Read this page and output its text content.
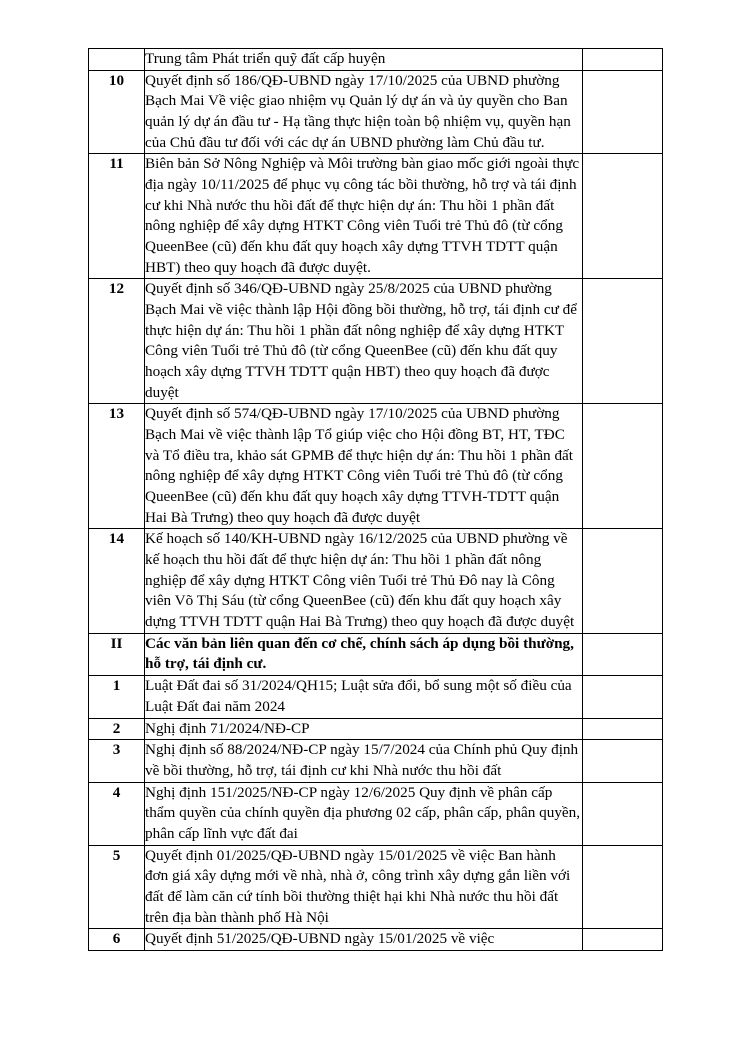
	Trung tâm Phát triển quỹ đất cấp huyện	

10	Quyết định số 186/QĐ-UBND ngày 17/10/2025 của UBND phường Bạch Mai Về việc giao nhiệm vụ Quản lý dự án và ủy quyền cho Ban quản lý dự án đầu tư - Hạ tầng thực hiện toàn bộ nhiệm vụ, quyền hạn của Chủ đầu tư đối với các dự án UBND phường làm Chủ đầu tư.	

11	Biên bản Sở Nông Nghiệp và Môi trường bàn giao mốc giới ngoài thực địa ngày 10/11/2025 để phục vụ công tác bồi thường, hỗ trợ và tái định cư khi Nhà nước thu hồi đất để thực hiện dự án: Thu hồi 1 phần đất nông nghiệp để xây dựng HTKT Công viên Tuổi trẻ Thủ đô (từ cổng QueenBee (cũ) đến khu đất quy hoạch xây dựng TTVH TDTT quận HBT) theo quy hoạch đã được duyệt.	

12	Quyết định số 346/QĐ-UBND ngày 25/8/2025 của UBND phường Bạch Mai về việc thành lập Hội đồng bồi thường, hỗ trợ, tái định cư để thực hiện dự án: Thu hồi 1 phần đất nông nghiệp để xây dựng HTKT Công viên Tuổi trẻ Thủ đô (từ cổng QueenBee (cũ) đến khu đất quy hoạch xây dựng TTVH TDTT quận HBT) theo quy hoạch đã được duyệt	

13	Quyết định số 574/QĐ-UBND ngày 17/10/2025 của UBND phường Bạch Mai về việc thành lập Tổ giúp việc cho Hội đồng BT, HT, TĐC và Tổ điều tra, khảo sát GPMB để thực hiện dự án: Thu hồi 1 phần đất nông nghiệp để xây dựng HTKT Công viên Tuổi trẻ Thủ đô (từ cổng QueenBee (cũ) đến khu đất quy hoạch xây dựng TTVH-TDTT quận Hai Bà Trưng) theo quy hoạch đã được duyệt	

14	Kế hoạch số 140/KH-UBND ngày 16/12/2025 của UBND phường về kế hoạch thu hồi đất để thực hiện dự án: Thu hồi 1 phần đất nông nghiệp để xây dựng HTKT Công viên Tuổi trẻ Thủ Đô nay là Công viên Võ Thị Sáu (từ cổng QueenBee (cũ) đến khu đất quy hoạch xây dựng TTVH TDTT quận Hai Bà Trưng) theo quy hoạch đã được duyệt	

II	Các văn bản liên quan đến cơ chế, chính sách áp dụng bồi thường, hỗ trợ, tái định cư.	

1	Luật Đất đai số 31/2024/QH15; Luật sửa đổi, bổ sung một số điều của Luật Đất đai năm 2024	

2	Nghị định 71/2024/NĐ-CP	

3	Nghị định số 88/2024/NĐ-CP ngày 15/7/2024 của Chính phủ Quy định về bồi thường, hỗ trợ, tái định cư khi Nhà nước thu hồi đất	

4	Nghị định 151/2025/NĐ-CP ngày 12/6/2025 Quy định về phân cấp thẩm quyền của chính quyền địa phương 02 cấp, phân cấp, phân quyền, phân cấp lĩnh vực đất đai	

5	Quyết định 01/2025/QĐ-UBND ngày 15/01/2025 về việc Ban hành đơn giá xây dựng mới về nhà, nhà ở, công trình xây dựng gắn liền với đất để làm căn cứ tính bồi thường thiệt hại khi Nhà nước thu hồi đất trên địa bàn thành phố Hà Nội	

6	Quyết định 51/2025/QĐ-UBND ngày 15/01/2025 về việc	
